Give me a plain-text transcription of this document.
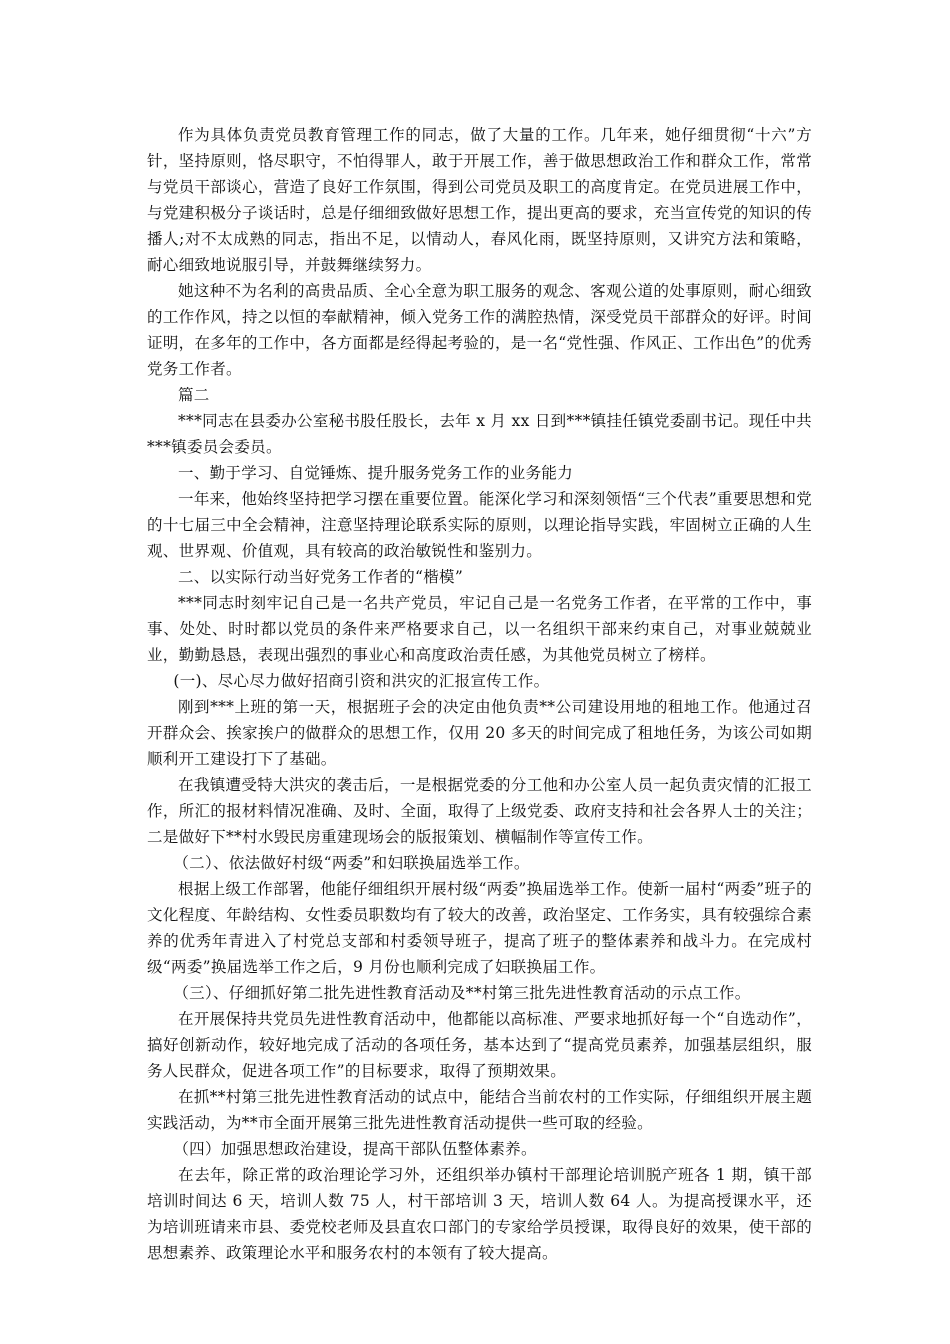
作为具体负责党员教育管理工作的同志，做了大量的工作。几年来，她仔细贯彻“十六”方针，坚持原则，恪尽职守，不怕得罪人，敢于开展工作，善于做思想政治工作和群众工作，常常与党员干部谈心，营造了良好工作氛围，得到公司党员及职工的高度肯定。在党员进展工作中，与党建积极分子谈话时，总是仔细细致做好思想工作，提出更高的要求，充当宣传党的知识的传播人;对不太成熟的同志，指出不足，以情动人，春风化雨，既坚持原则，又讲究方法和策略，耐心细致地说服引导，并鼓舞继续努力。

她这种不为名利的高贵品质、全心全意为职工服务的观念、客观公道的处事原则，耐心细致的工作作风，持之以恒的奉献精神，倾入党务工作的满腔热情，深受党员干部群众的好评。时间证明，在多年的工作中，各方面都是经得起考验的，是一名“党性强、作风正、工作出色”的优秀党务工作者。

篇二

***同志在县委办公室秘书股任股长，去年 x 月 xx 日到***镇挂任镇党委副书记。现任中共***镇委员会委员。

一、勤于学习、自觉锤炼、提升服务党务工作的业务能力

一年来，他始终坚持把学习摆在重要位置。能深化学习和深刻领悟“三个代表”重要思想和党的十七届三中全会精神，注意坚持理论联系实际的原则，以理论指导实践，牢固树立正确的人生观、世界观、价值观，具有较高的政治敏锐性和鉴别力。

二、以实际行动当好党务工作者的“楷模”

***同志时刻牢记自己是一名共产党员，牢记自己是一名党务工作者，在平常的工作中，事事、处处、时时都以党员的条件来严格要求自己，以一名组织干部来约束自己，对事业兢兢业业，勤勤恳恳，表现出强烈的事业心和高度政治责任感，为其他党员树立了榜样。

(一)、尽心尽力做好招商引资和洪灾的汇报宣传工作。

刚到***上班的第一天，根据班子会的决定由他负责**公司建设用地的租地工作。他通过召开群众会、挨家挨户的做群众的思想工作，仅用 20 多天的时间完成了租地任务，为该公司如期顺利开工建设打下了基础。

在我镇遭受特大洪灾的袭击后，一是根据党委的分工他和办公室人员一起负责灾情的汇报工作，所汇的报材料情况准确、及时、全面，取得了上级党委、政府支持和社会各界人士的关注；二是做好下**村水毁民房重建现场会的版报策划、横幅制作等宣传工作。

（二）、依法做好村级“两委”和妇联换届选举工作。

根据上级工作部署，他能仔细组织开展村级“两委”换届选举工作。使新一届村“两委”班子的文化程度、年龄结构、女性委员职数均有了较大的改善，政治坚定、工作务实，具有较强综合素养的优秀年青进入了村党总支部和村委领导班子，提高了班子的整体素养和战斗力。在完成村级“两委”换届选举工作之后，9 月份也顺利完成了妇联换届工作。

（三）、仔细抓好第二批先进性教育活动及**村第三批先进性教育活动的示点工作。

在开展保持共党员先进性教育活动中，他都能以高标准、严要求地抓好每一个“自选动作”，搞好创新动作，较好地完成了活动的各项任务，基本达到了“提高党员素养，加强基层组织，服务人民群众，促进各项工作”的目标要求，取得了预期效果。

在抓**村第三批先进性教育活动的试点中，能结合当前农村的工作实际，仔细组织开展主题实践活动，为**市全面开展第三批先进性教育活动提供一些可取的经验。

（四）加强思想政治建设，提高干部队伍整体素养。

在去年，除正常的政治理论学习外，还组织举办镇村干部理论培训脱产班各 1 期，镇干部培训时间达 6 天，培训人数 75 人，村干部培训 3 天，培训人数 64 人。为提高授课水平，还为培训班请来市县、委党校老师及县直农口部门的专家给学员授课，取得良好的效果，使干部的思想素养、政策理论水平和服务农村的本领有了较大提高。
